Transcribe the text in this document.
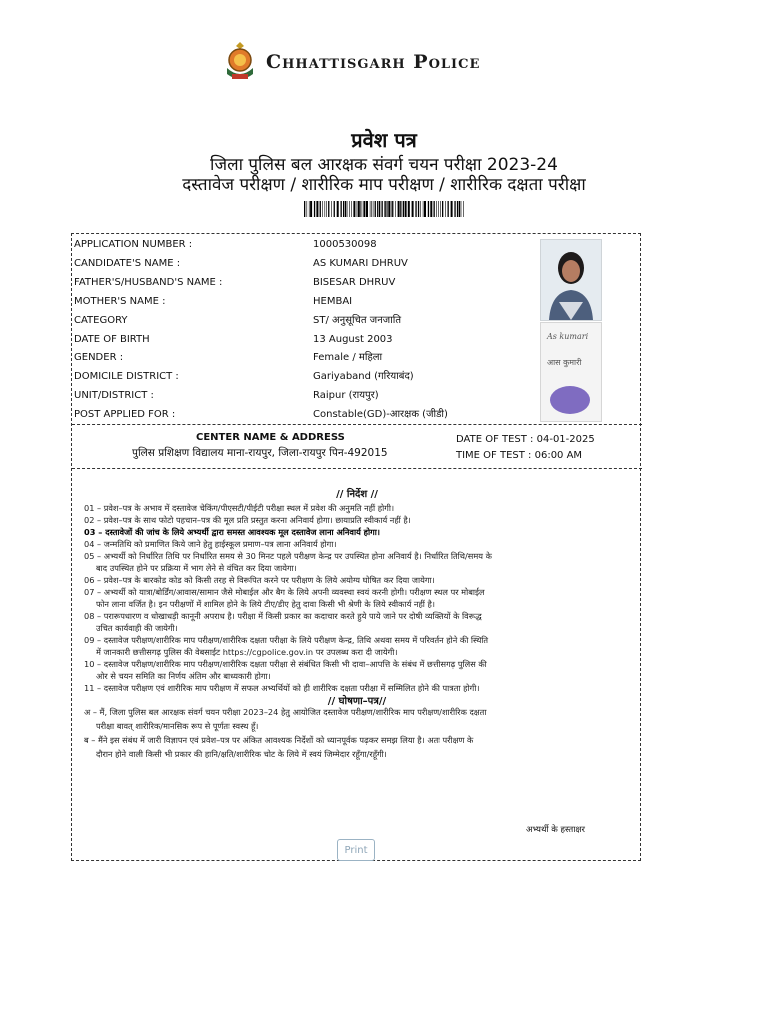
Chhattisgarh Police
प्रवेश पत्र
जिला पुलिस बल आरक्षक संवर्ग चयन परीक्षा 2023-24
दस्तावेज परीक्षण / शारीरिक माप परीक्षण / शारीरिक दक्षता परीक्षा
As kumari
आस कुमारी
APPLICATION NUMBER :	1000530098
CANDIDATE'S NAME :	AS KUMARI DHRUV
FATHER'S/HUSBAND'S NAME :	BISESAR DHRUV
MOTHER'S NAME :	HEMBAI
CATEGORY	ST/ अनुसूचित जनजाति
DATE OF BIRTH	13 August 2003
GENDER :	Female / महिला
DOMICILE DISTRICT :	Gariyaband (गरियाबंद)
UNIT/DISTRICT :	Raipur (रायपुर)
POST APPLIED FOR :	Constable(GD)-आरक्षक (जीडी)
CENTER NAME & ADDRESS
पुलिस प्रशिक्षण विद्यालय माना-रायपुर, जिला-रायपुर पिन-492015
DATE OF TEST : 04-01-2025
TIME OF TEST : 06:00 AM
// निर्देश //
// घोषणा–पत्र//
अभ्यर्थी के हस्ताक्षर
Print
01 – प्रवेश–पत्र के अभाव में दस्तावेज चेकिंग/पीएसटी/पीईटी परीक्षा स्थल में प्रवेश की अनुमति नहीं होगी।
02 – प्रवेश–पत्र के साथ फोटो पहचान–पत्र की मूल प्रति प्रस्तुत करना अनिवार्य होगा। छायाप्रति स्वीकार्य नहीं है।
03 – दस्तावेजों की जांच के लिये अभ्यर्थी द्वारा समस्त आवश्यक मूल दस्तावेज लाना अनिवार्य होगा।
04 – जन्मतिथि को प्रमाणित किये जाने हेतु हाईस्कूल प्रमाण–पत्र लाना अनिवार्य होगा।
05 – अभ्यर्थी को निर्धारित तिथि पर निर्धारित समय से 30 मिनट पहले परीक्षण केन्द्र पर उपस्थित होना अनिवार्य है। निर्धारित तिथि/समय के
बाद उपस्थित होने पर प्रक्रिया में भाग लेने से वंचित कर दिया जायेगा।
06 – प्रवेश–पत्र के बारकोड कोड को किसी तरह से विरूपित करने पर परीक्षण के लिये अयोग्य घोषित कर दिया जायेगा।
07 – अभ्यर्थी को यात्रा/बोर्डिंग/आवास/सामान जैसे मोबाईल और बैग के लिये अपनी व्यवस्था स्वयं करनी होगी। परीक्षण स्थल पर मोबाईल
फोन लाना वर्जित है। इन परीक्षणों में शामिल होने के लिये टीए/डीए हेतु दावा किसी भी श्रेणी के लिये स्वीकार्य नहीं है।
08 – परारूपधारण व धोखाधड़ी कानूनी अपराध है। परीक्षा में किसी प्रकार का कदाचार करते हुये पाये जाने पर दोषी व्यक्तियों के विरूद्ध
उचित कार्यवाही की जायेगी।
09 – दस्तावेज परीक्षण/शारीरिक माप परीक्षण/शारीरिक दक्षता परीक्षा के लिये परीक्षण केन्द्र, तिथि अथवा समय में परिवर्तन होने की स्थिति
में जानकारी छत्तीसगढ़ पुलिस की वेबसाईट https://cgpolice.gov.in पर उपलब्ध करा दी जायेगी।
10 – दस्तावेज परीक्षण/शारीरिक माप परीक्षण/शारीरिक दक्षता परीक्षा से संबंधित किसी भी दावा–आपत्ति के संबंध में छत्तीसगढ़ पुलिस की
ओर से चयन समिति का निर्णय अंतिम और बाध्यकारी होगा।
11 – दस्तावेज परीक्षण एवं शारीरिक माप परीक्षण में सफल अभ्यर्थियों को ही शारीरिक दक्षता परीक्षा में सम्मिलित होने की पात्रता होगी।
अ – मैं, जिला पुलिस बल आरक्षक संवर्ग चयन परीक्षा 2023–24 हेतु आयोजित दस्तावेज परीक्षण/शारीरिक माप परीक्षण/शारीरिक दक्षता
परीक्षा बावत् शारीरिक/मानसिक रूप से पूर्णतः स्वस्थ हूँ।
ब – मैंने इस संबंध में जारी विज्ञापन एवं प्रवेश–पत्र पर अंकित आवश्यक निर्देशों को ध्यानपूर्वक पढ़कर समझ लिया है। अतः परीक्षण के
दौरान होने वाली किसी भी प्रकार की हानि/क्षति/शारीरिक चोट के लिये में स्वयं जिम्मेदार रहूँगा/रहूँगी।
